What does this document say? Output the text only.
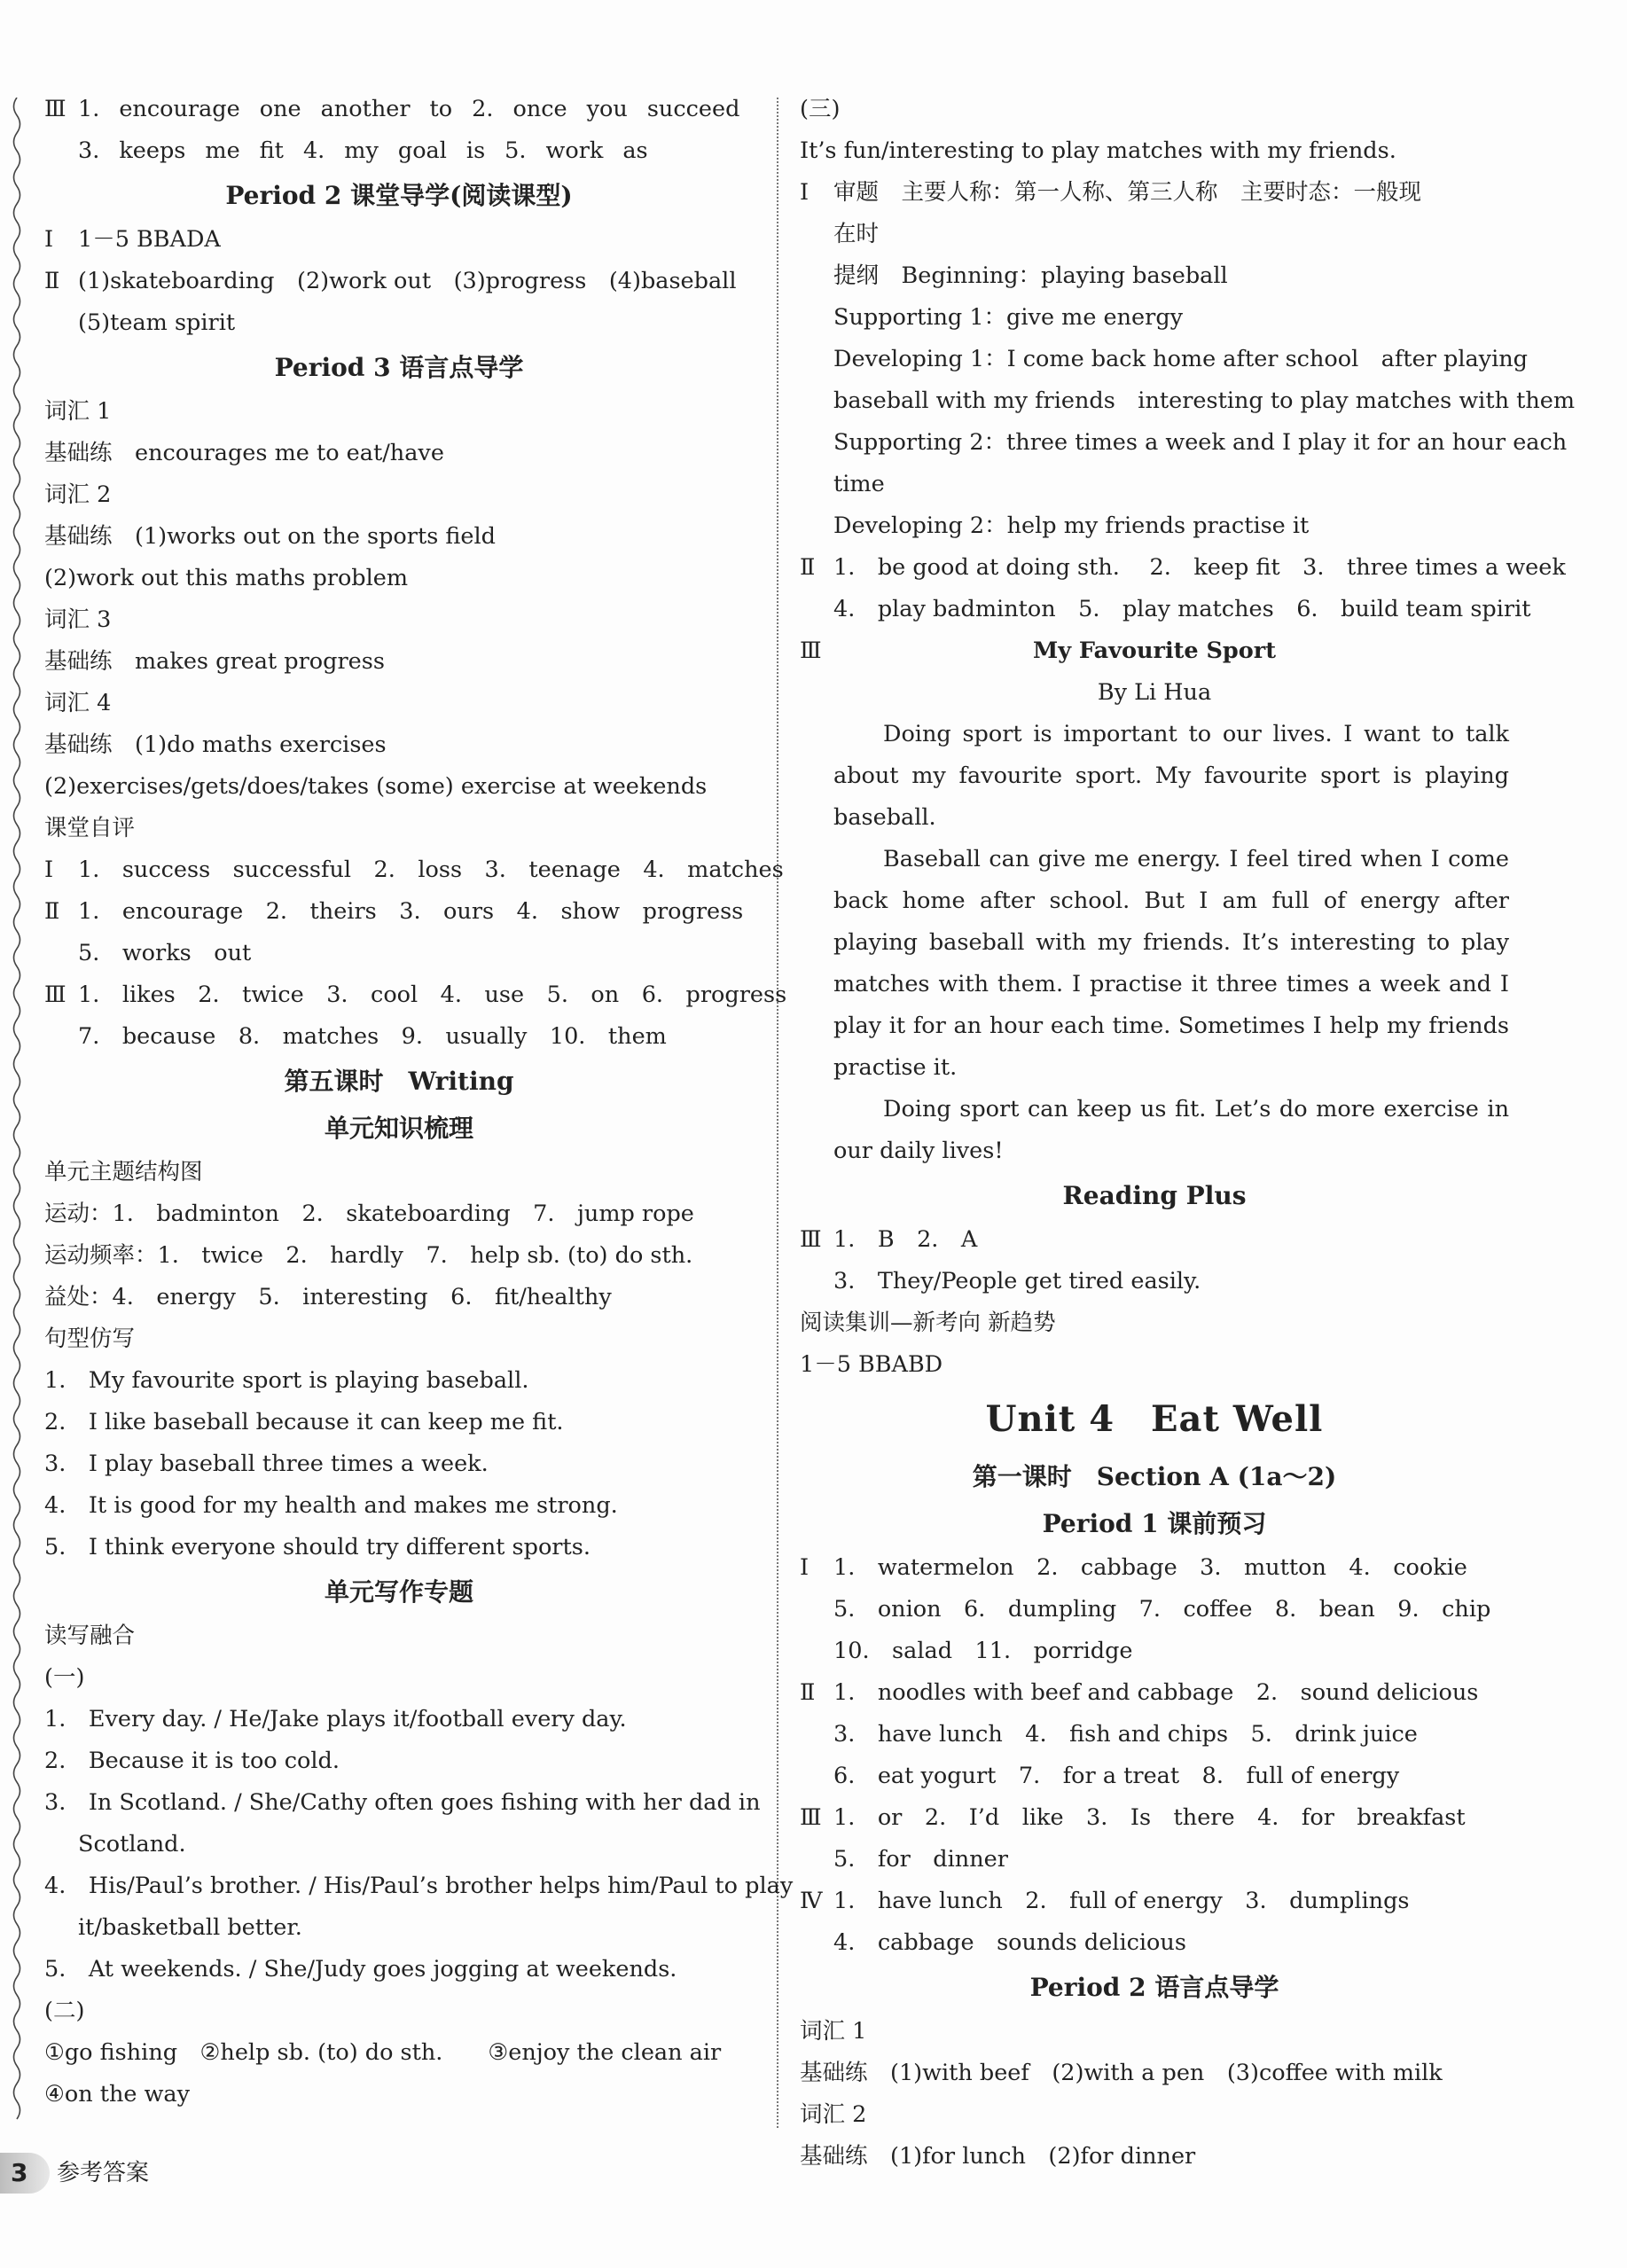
Ⅲ 1. encourage one another to 2. once you succeed
3. keeps me fit 4. my goal is 5. work as
Period 2 课堂导学(阅读课型)
Ⅰ 1－5 BBADA
Ⅱ (1)skateboarding　(2)work out　(3)progress　(4)baseball
(5)team spirit
Period 3 语言点导学
词汇 1
基础练　encourages me to eat/have
词汇 2
基础练　(1)works out on the sports field
(2)work out this maths problem
词汇 3
基础练　makes great progress
词汇 4
基础练　(1)do maths exercises
(2)exercises/gets/does/takes (some) exercise at weekends
课堂自评
Ⅰ 1.　success　successful　2.　loss　3.　teenage　4.　matches
Ⅱ 1.　encourage　2.　theirs　3.　ours　4.　show　progress
5.　works　out
Ⅲ 1.　likes　2.　twice　3.　cool　4.　use　5.　on　6.　progress
7.　because　8.　matches　9.　usually　10.　them
第五课时　Writing
单元知识梳理
单元主题结构图
运动：1.　badminton　2.　skateboarding　7.　jump rope
运动频率：1.　twice　2.　hardly　7.　help sb. (to) do sth.
益处：4.　energy　5.　interesting　6.　fit/healthy
句型仿写
1.　My favourite sport is playing baseball.
2.　I like baseball because it can keep me fit.
3.　I play baseball three times a week.
4.　It is good for my health and makes me strong.
5.　I think everyone should try different sports.
单元写作专题
读写融合
(一)
1.　Every day. / He/Jake plays it/football every day.
2.　Because it is too cold.
3.　In Scotland. / She/Cathy often goes fishing with her dad in
Scotland.
4.　His/Paul’s brother. / His/Paul’s brother helps him/Paul to play
it/basketball better.
5.　At weekends. / She/Judy goes jogging at weekends.
(二)
①go fishing　②help sb. (to) do sth.　　③enjoy the clean air
④on the way
(三)
It’s fun/interesting to play matches with my friends.
Ⅰ 审题　主要人称：第一人称、第三人称　主要时态：一般现
在时
提纲　Beginning：playing baseball
Supporting 1：give me energy
Developing 1：I come back home after school　after playing
baseball with my friends　interesting to play matches with them
Supporting 2：three times a week and I play it for an hour each
time
Developing 2：help my friends practise it
Ⅱ 1.　be good at doing sth.　 2.　keep fit　3.　three times a week
4.　play badminton　5.　play matches　6.　build team spirit
Ⅲ	My Favourite Sport
By Li Hua
Doing sport is important to our lives. I want to talk about my favourite sport. My favourite sport is playing baseball.
Baseball can give me energy. I feel tired when I come back home after school. But I am full of energy after playing baseball with my friends. It’s interesting to play matches with them. I practise it three times a week and I play it for an hour each time. Sometimes I help my friends practise it.
Doing sport can keep us fit. Let’s do more exercise in our daily lives!
Reading Plus
Ⅲ 1.　B　2.　A
3.　They/People get tired easily.
阅读集训—新考向 新趋势
1－5 BBABD
Unit 4　Eat Well
第一课时　Section A (1a～2)
Period 1 课前预习
Ⅰ 1.　watermelon　2.　cabbage　3.　mutton　4.　cookie
5.　onion　6.　dumpling　7.　coffee　8.　bean　9.　chip
10.　salad　11.　porridge
Ⅱ 1.　noodles with beef and cabbage　2.　sound delicious
3.　have lunch　4.　fish and chips　5.　drink juice
6.　eat yogurt　7.　for a treat　8.　full of energy
Ⅲ 1.　or　2.　I’d　like　3.　Is　there　4.　for　breakfast
5.　for　dinner
Ⅳ 1.　have lunch　2.　full of energy　3.　dumplings
4.　cabbage　sounds delicious
Period 2 语言点导学
词汇 1
基础练　(1)with beef　(2)with a pen　(3)coffee with milk
词汇 2
基础练　(1)for lunch　(2)for dinner
3	参考答案
